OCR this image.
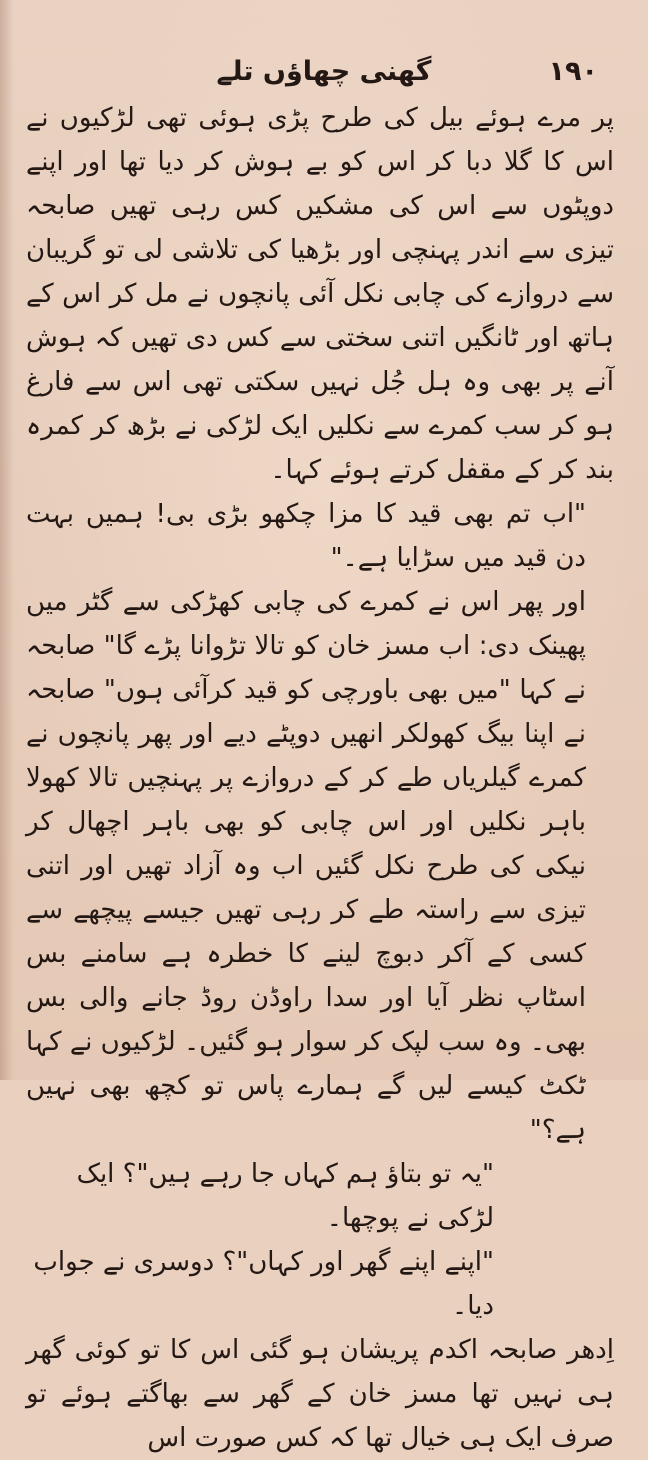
۱۹۰
گھنی چھاؤں تلے

پر مرے ہوئے بیل کی طرح پڑی ہوئی تھی لڑکیوں نے اس کا گلا دبا کر اس کو بے ہوش کر دیا تھا اور اپنے دوپٹوں سے اس کی مشکیں کس رہی تھیں صابحہ تیزی سے اندر پہنچی اور بڑھیا کی تلاشی لی تو گریبان سے دروازے کی چابی نکل آئی پانچوں نے مل کر اس کے ہاتھ اور ٹانگیں اتنی سختی سے کس دی تھیں کہ ہوش آنے پر بھی وہ ہل جُل نہیں سکتی تھی اس سے فارغ ہو کر سب کمرے سے نکلیں ایک لڑکی نے بڑھ کر کمرہ بند کر کے مقفل کرتے ہوئے کہا۔

"اب تم بھی قید کا مزا چکھو بڑی بی! ہمیں بہت دن قید میں سڑایا ہے۔"

اور پھر اس نے کمرے کی چابی کھڑکی سے گٹر میں پھینک دی: اب مسز خان کو تالا تڑوانا پڑے گا" صابحہ نے کہا "میں بھی باورچی کو قید کرآئی ہوں" صابحہ نے اپنا بیگ کھولکر انھیں دوپٹے دیے اور پھر پانچوں نے کمرے گیلریاں طے کر کے دروازے پر پہنچیں تالا کھولا باہر نکلیں اور اس چابی کو بھی باہر اچھال کر نیکی کی طرح نکل گئیں اب وہ آزاد تھیں اور اتنی تیزی سے راستہ طے کر رہی تھیں جیسے پیچھے سے کسی کے آکر دبوچ لینے کا خطرہ ہے سامنے بس اسٹاپ نظر آیا اور سدا راوڈن روڈ جانے والی بس بھی۔ وہ سب لپک کر سوار ہو گئیں۔ لڑکیوں نے کہا ٹکٹ کیسے لیں گے ہمارے پاس تو کچھ بھی نہیں ہے؟"

"یہ تو بتاؤ ہم کہاں جا رہے ہیں"؟ ایک لڑکی نے پوچھا۔

"اپنے اپنے گھر اور کہاں"؟ دوسری نے جواب دیا۔

اِدھر صابحہ اکدم پریشان ہو گئی اس کا تو کوئی گھر ہی نہیں تھا مسز خان کے گھر سے بھاگتے ہوئے تو صرف ایک ہی خیال تھا کہ کس صورت اس
